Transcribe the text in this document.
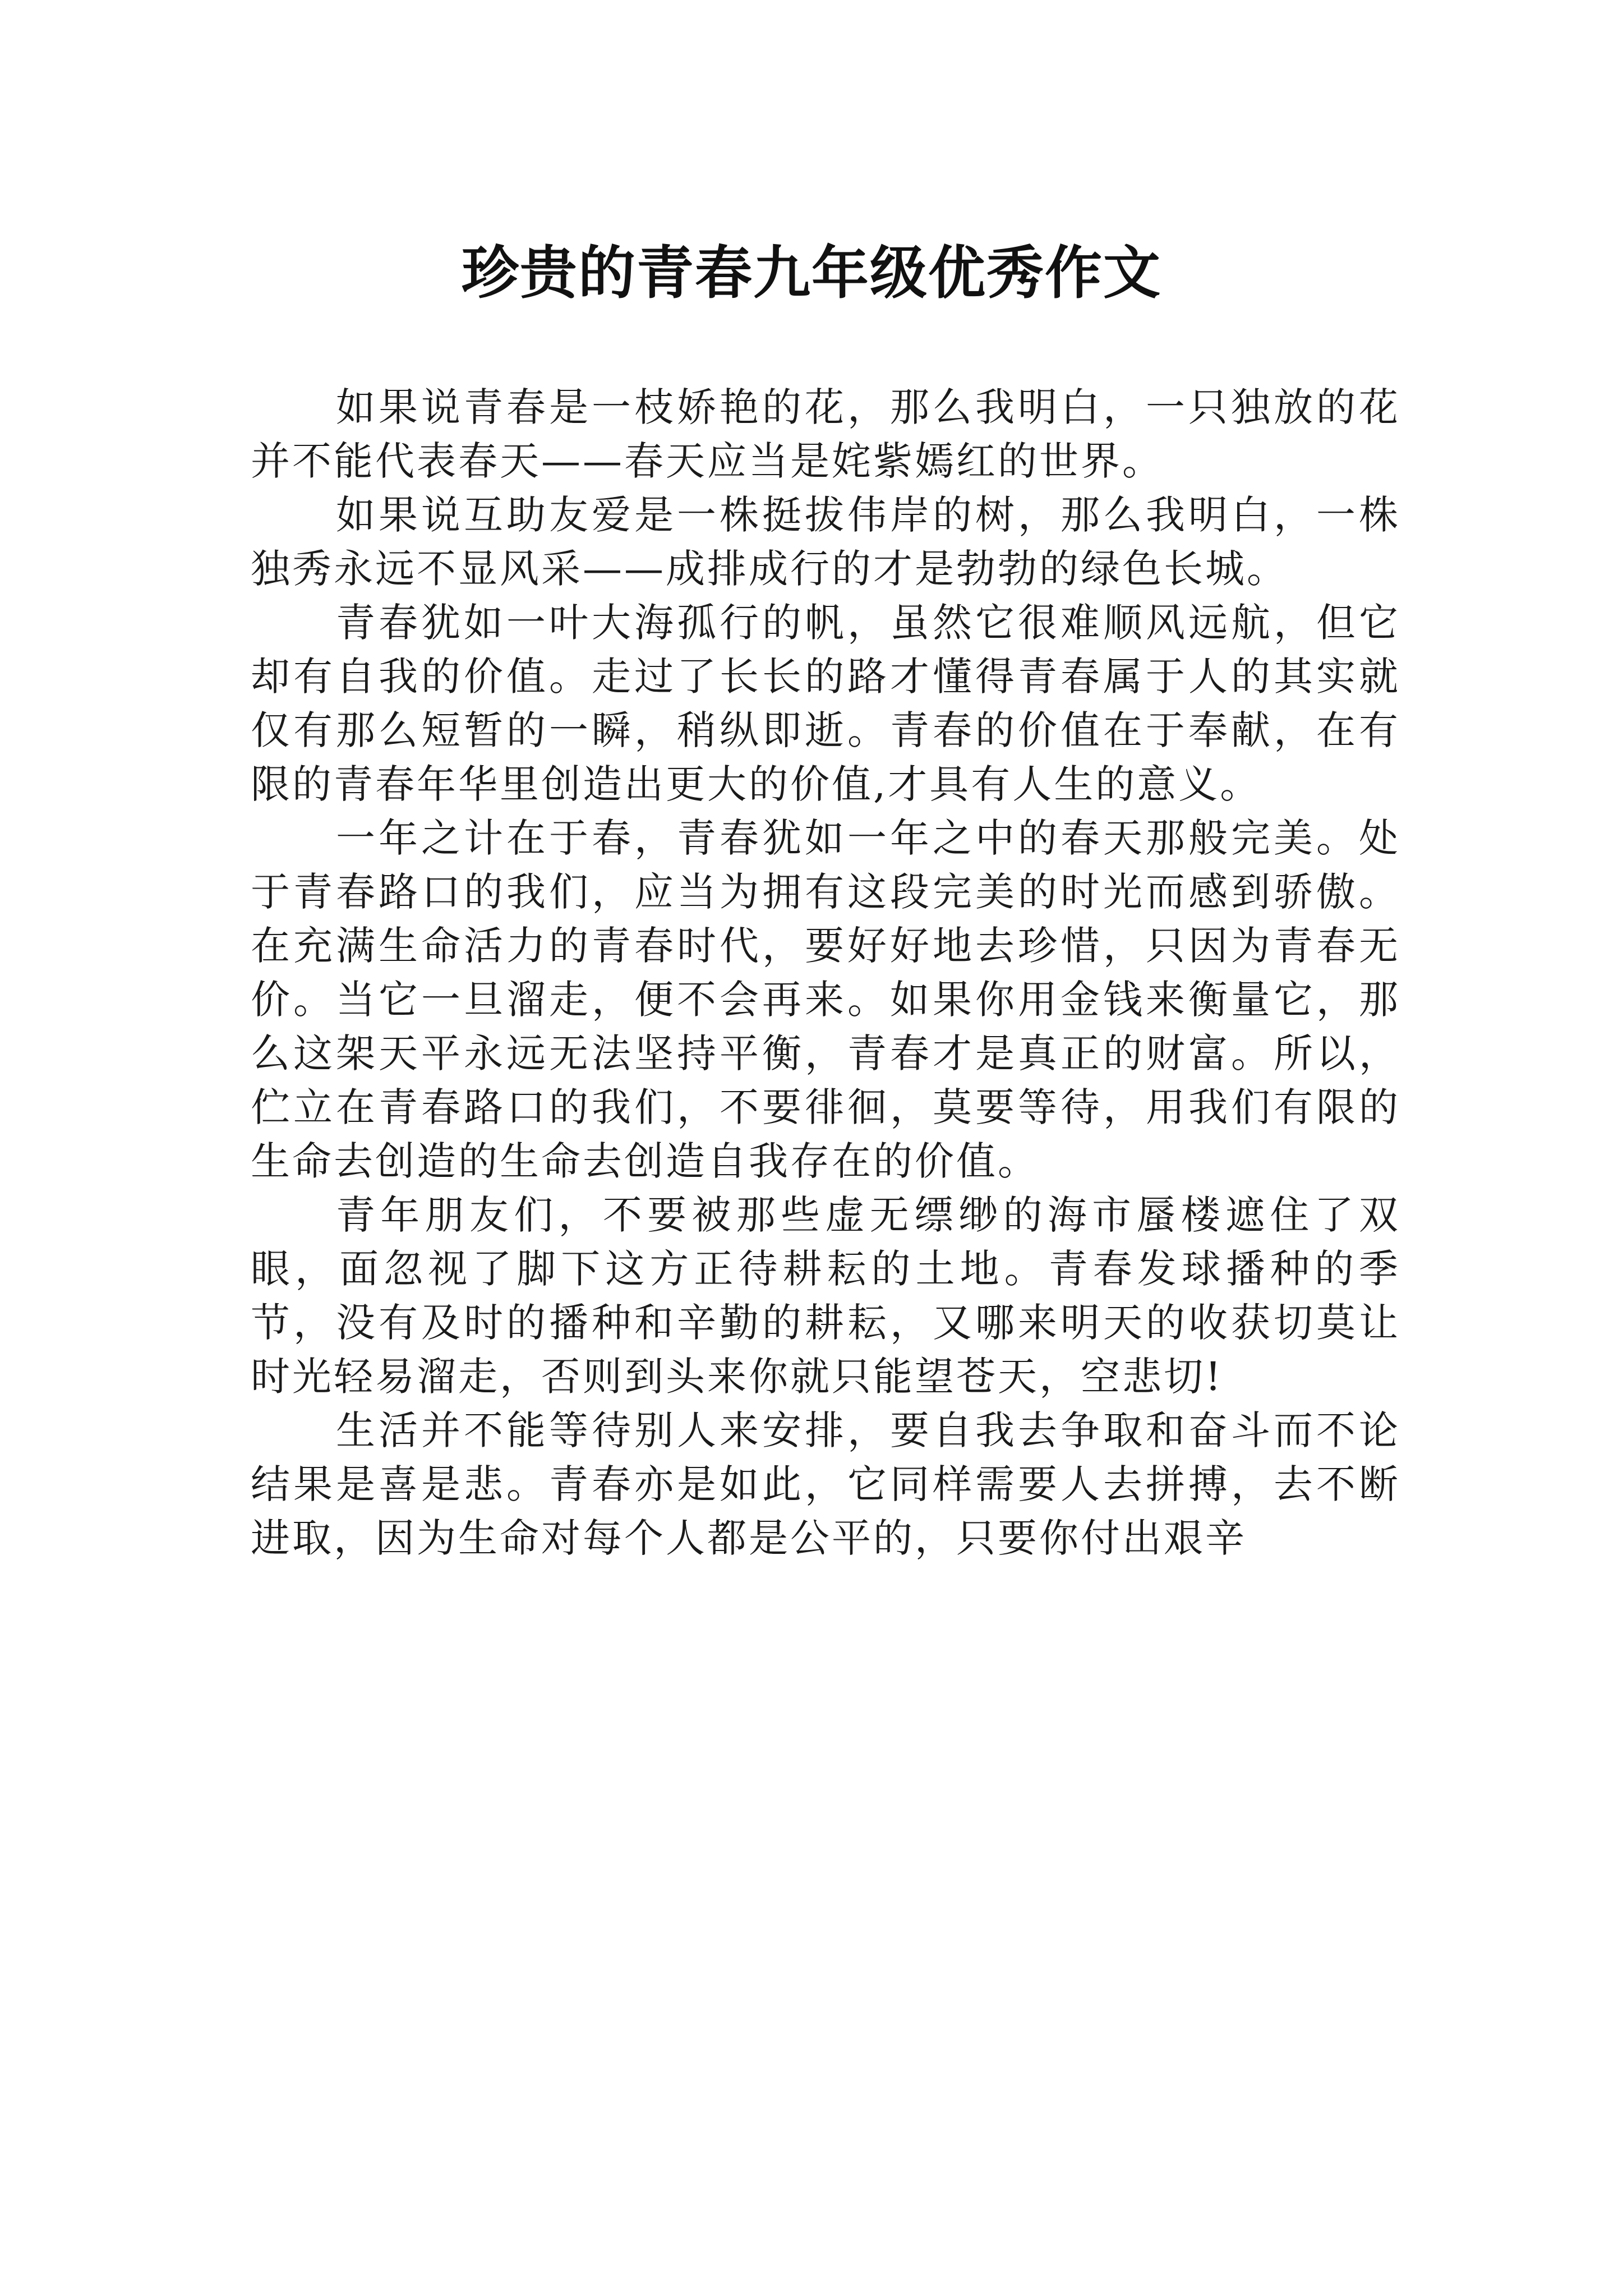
珍贵的青春九年级优秀作文

如果说青春是一枝娇艳的花，那么我明白，一只独放的花并不能代表春天——春天应当是姹紫嫣红的世界。

如果说互助友爱是一株挺拔伟岸的树，那么我明白，一株独秀永远不显风采——成排成行的才是勃勃的绿色长城。

青春犹如一叶大海孤行的帆，虽然它很难顺风远航，但它却有自我的价值。走过了长长的路才懂得青春属于人的其实就仅有那么短暂的一瞬，稍纵即逝。青春的价值在于奉献，在有限的青春年华里创造出更大的价值,才具有人生的意义。

一年之计在于春，青春犹如一年之中的春天那般完美。处于青春路口的我们，应当为拥有这段完美的时光而感到骄傲。在充满生命活力的青春时代，要好好地去珍惜，只因为青春无价。当它一旦溜走，便不会再来。如果你用金钱来衡量它，那么这架天平永远无法坚持平衡，青春才是真正的财富。所以，伫立在青春路口的我们，不要徘徊，莫要等待，用我们有限的生命去创造的生命去创造自我存在的价值。

青年朋友们，不要被那些虚无缥缈的海市蜃楼遮住了双眼，面忽视了脚下这方正待耕耘的土地。青春发球播种的季节，没有及时的播种和辛勤的耕耘，又哪来明天的收获切莫让时光轻易溜走，否则到头来你就只能望苍天，空悲切!

生活并不能等待别人来安排，要自我去争取和奋斗而不论结果是喜是悲。青春亦是如此，它同样需要人去拼搏，去不断进取，因为生命对每个人都是公平的，只要你付出艰辛
